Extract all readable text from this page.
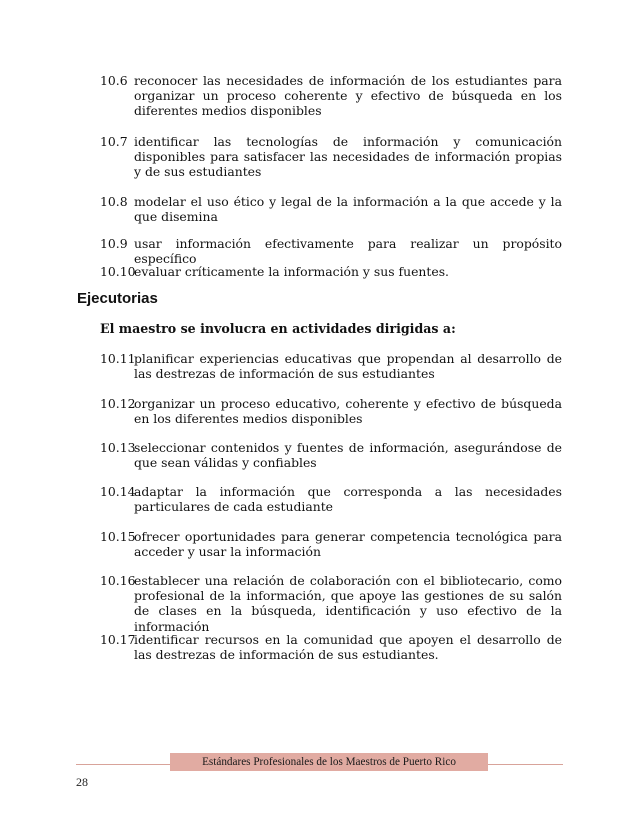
10.6 reconocer las necesidades de información de los estudiantes para organizar un proceso coherente y efectivo de búsqueda en los diferentes medios disponibles
10.7 identificar las tecnologías de información y comunicación disponibles para satisfacer las necesidades de información propias y de sus estudiantes
10.8 modelar el uso ético y legal de la información a la que accede y la que disemina
10.9 usar información efectivamente para realizar un propósito específico
10.10
evaluar críticamente la información y sus fuentes.
Ejecutorias
El maestro se involucra en actividades dirigidas a:
10.11
planificar experiencias educativas que propendan al desarrollo de las destrezas de información de sus estudiantes
10.12
organizar un proceso educativo, coherente y efectivo de búsqueda en los diferentes medios disponibles
10.13
seleccionar contenidos y fuentes de información, asegurándose de que sean válidas y confiables
10.14
adaptar la información que corresponda a las necesidades particulares de cada estudiante
10.15
ofrecer oportunidades para generar competencia tecnológica para acceder y usar la información
10.16
establecer una relación de colaboración con el bibliotecario, como profesional de la información, que apoye las gestiones de su salón de clases en la búsqueda, identificación y uso efectivo de la información
10.17
identificar recursos en la comunidad que apoyen el desarrollo de las destrezas de información de sus estudiantes.
Estándares Profesionales de los Maestros de Puerto Rico
28
